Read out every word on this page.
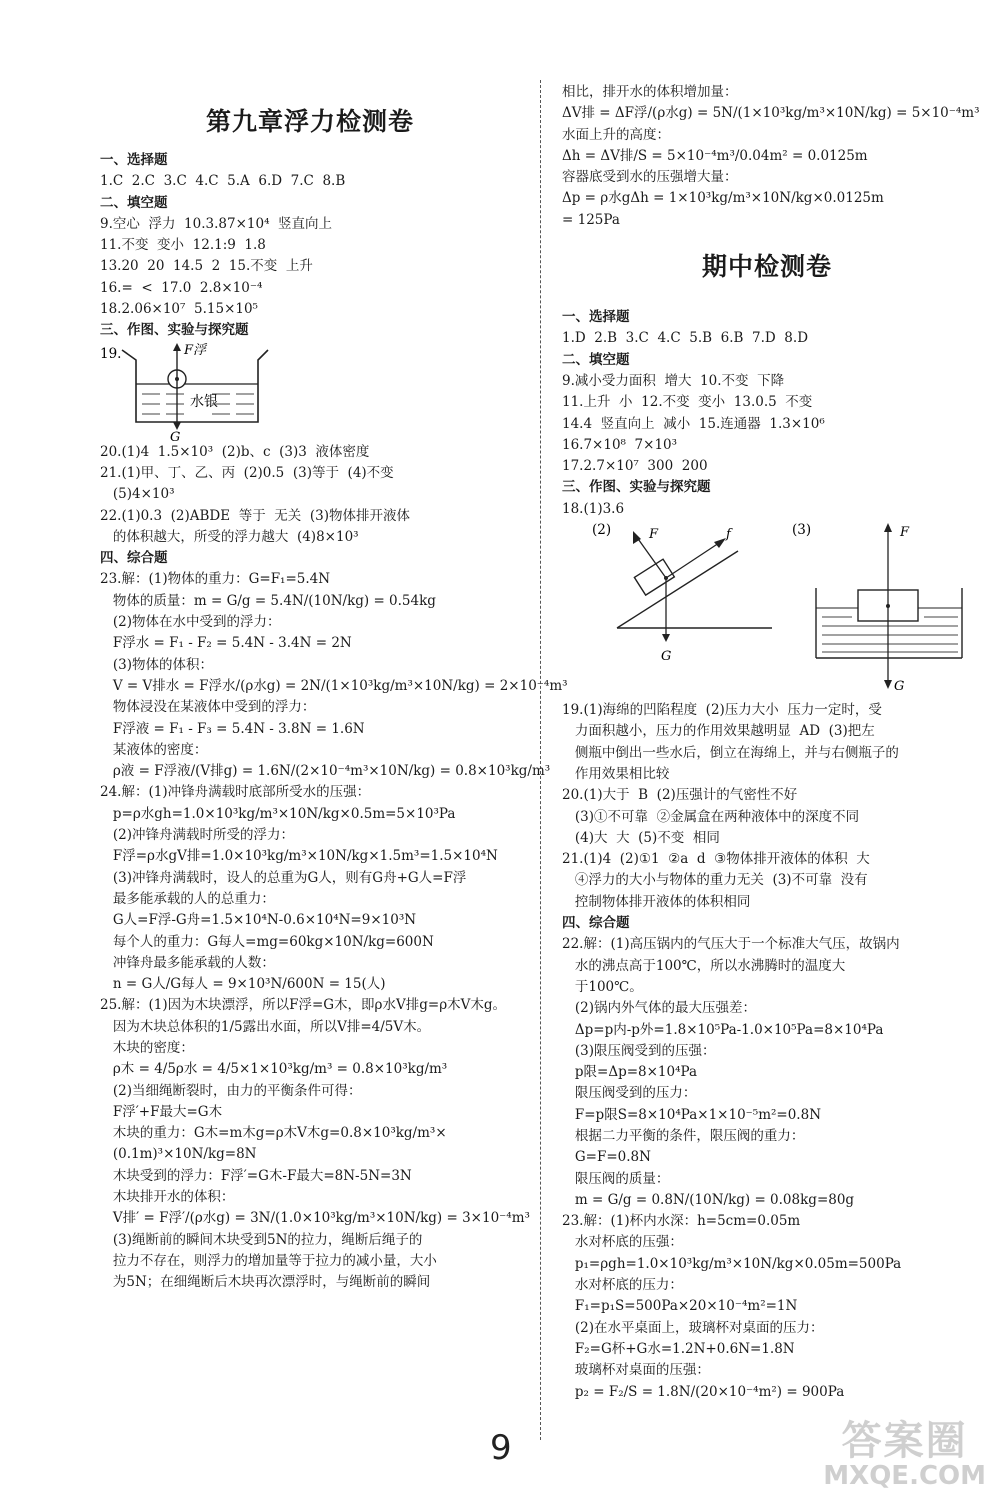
第九章浮力检测卷
一、选择题
1.C  2.C  3.C  4.C  5.A  6.D  7.C  8.B
二、填空题
9.空心  浮力  10.3.87×10⁴  竖直向上
11.不变  变小  12.1:9  1.8
13.20  20  14.5  2  15.不变  上升
16.=  <  17.0  2.8×10⁻⁴
18.2.06×10⁷  5.15×10⁵
三、作图、实验与探究题
19.	F浮
水银
G
20.(1)4  1.5×10³  (2)b、c  (3)3  液体密度
21.(1)甲、丁、乙、丙  (2)0.5  (3)等于  (4)不变
(5)4×10³
22.(1)0.3  (2)ABDE  等于  无关  (3)物体排开液体
的体积越大，所受的浮力越大  (4)8×10³
四、综合题
23.解：(1)物体的重力：G=F₁=5.4N
物体的质量：m = G/g = 5.4N/(10N/kg) = 0.54kg
(2)物体在水中受到的浮力：
F浮水 = F₁ - F₂ = 5.4N - 3.4N = 2N
(3)物体的体积：
V = V排水 = F浮水/(ρ水g) = 2N/(1×10³kg/m³×10N/kg) = 2×10⁻⁴m³
物体浸没在某液体中受到的浮力：
F浮液 = F₁ - F₃ = 5.4N - 3.8N = 1.6N
某液体的密度：
ρ液 = F浮液/(V排g) = 1.6N/(2×10⁻⁴m³×10N/kg) = 0.8×10³kg/m³
24.解：(1)冲锋舟满载时底部所受水的压强：
p=ρ水gh=1.0×10³kg/m³×10N/kg×0.5m=5×10³Pa
(2)冲锋舟满载时所受的浮力：
F浮=ρ水gV排=1.0×10³kg/m³×10N/kg×1.5m³=1.5×10⁴N
(3)冲锋舟满载时，设人的总重为G人，则有G舟+G人=F浮
最多能承载的人的总重力：
G人=F浮-G舟=1.5×10⁴N-0.6×10⁴N=9×10³N
每个人的重力：G每人=mg=60kg×10N/kg=600N
冲锋舟最多能承载的人数：
n = G人/G每人 = 9×10³N/600N = 15(人)
25.解：(1)因为木块漂浮，所以F浮=G木，即ρ水V排g=ρ木V木g。
因为木块总体积的1/5露出水面，所以V排=4/5V木。
木块的密度：
ρ木 = 4/5ρ水 = 4/5×1×10³kg/m³ = 0.8×10³kg/m³
(2)当细绳断裂时，由力的平衡条件可得：
F浮′+F最大=G木
木块的重力：G木=m木g=ρ木V木g=0.8×10³kg/m³×
(0.1m)³×10N/kg=8N
木块受到的浮力：F浮′=G木-F最大=8N-5N=3N
木块排开水的体积：
V排′ = F浮′/(ρ水g) = 3N/(1.0×10³kg/m³×10N/kg) = 3×10⁻⁴m³
(3)绳断前的瞬间木块受到5N的拉力，绳断后绳子的
拉力不存在，则浮力的增加量等于拉力的减小量，大小
为5N；在细绳断后木块再次漂浮时，与绳断前的瞬间
相比，排开水的体积增加量：
ΔV排 = ΔF浮/(ρ水g) = 5N/(1×10³kg/m³×10N/kg) = 5×10⁻⁴m³
水面上升的高度：
Δh = ΔV排/S = 5×10⁻⁴m³/0.04m² = 0.0125m
容器底受到水的压强增大量：
Δp = ρ水gΔh = 1×10³kg/m³×10N/kg×0.0125m
= 125Pa
期中检测卷
一、选择题
1.D  2.B  3.C  4.C  5.B  6.B  7.D  8.D
二、填空题
9.减小受力面积  增大  10.不变  下降
11.上升  小  12.不变  变小  13.0.5  不变
14.4  竖直向上  减小  15.连通器  1.3×10⁶
16.7×10⁸  7×10³
17.2.7×10⁷  300  200
三、作图、实验与探究题
18.(1)3.6
(2)	F	f
G
(3)	F
G
19.(1)海绵的凹陷程度  (2)压力大小  压力一定时，受
力面积越小，压力的作用效果越明显  AD  (3)把左
侧瓶中倒出一些水后，倒立在海绵上，并与右侧瓶子的
作用效果相比较
20.(1)大于  B  (2)压强计的气密性不好
(3)①不可靠  ②金属盒在两种液体中的深度不同
(4)大  大  (5)不变  相同
21.(1)4  (2)①1  ②a  d  ③物体排开液体的体积  大
④浮力的大小与物体的重力无关  (3)不可靠  没有
控制物体排开液体的体积相同
四、综合题
22.解：(1)高压锅内的气压大于一个标准大气压，故锅内
水的沸点高于100℃，所以水沸腾时的温度大
于100℃。
(2)锅内外气体的最大压强差：
Δp=p内-p外=1.8×10⁵Pa-1.0×10⁵Pa=8×10⁴Pa
(3)限压阀受到的压强：
p限=Δp=8×10⁴Pa
限压阀受到的压力：
F=p限S=8×10⁴Pa×1×10⁻⁵m²=0.8N
根据二力平衡的条件，限压阀的重力：
G=F=0.8N
限压阀的质量：
m = G/g = 0.8N/(10N/kg) = 0.08kg=80g
23.解：(1)杯内水深：h=5cm=0.05m
水对杯底的压强：
p₁=ρgh=1.0×10³kg/m³×10N/kg×0.05m=500Pa
水对杯底的压力：
F₁=p₁S=500Pa×20×10⁻⁴m²=1N
(2)在水平桌面上，玻璃杯对桌面的压力：
F₂=G杯+G水=1.2N+0.6N=1.8N
玻璃杯对桌面的压强：
p₂ = F₂/S = 1.8N/(20×10⁻⁴m²) = 900Pa
9	答案圈
MXQE.COM
